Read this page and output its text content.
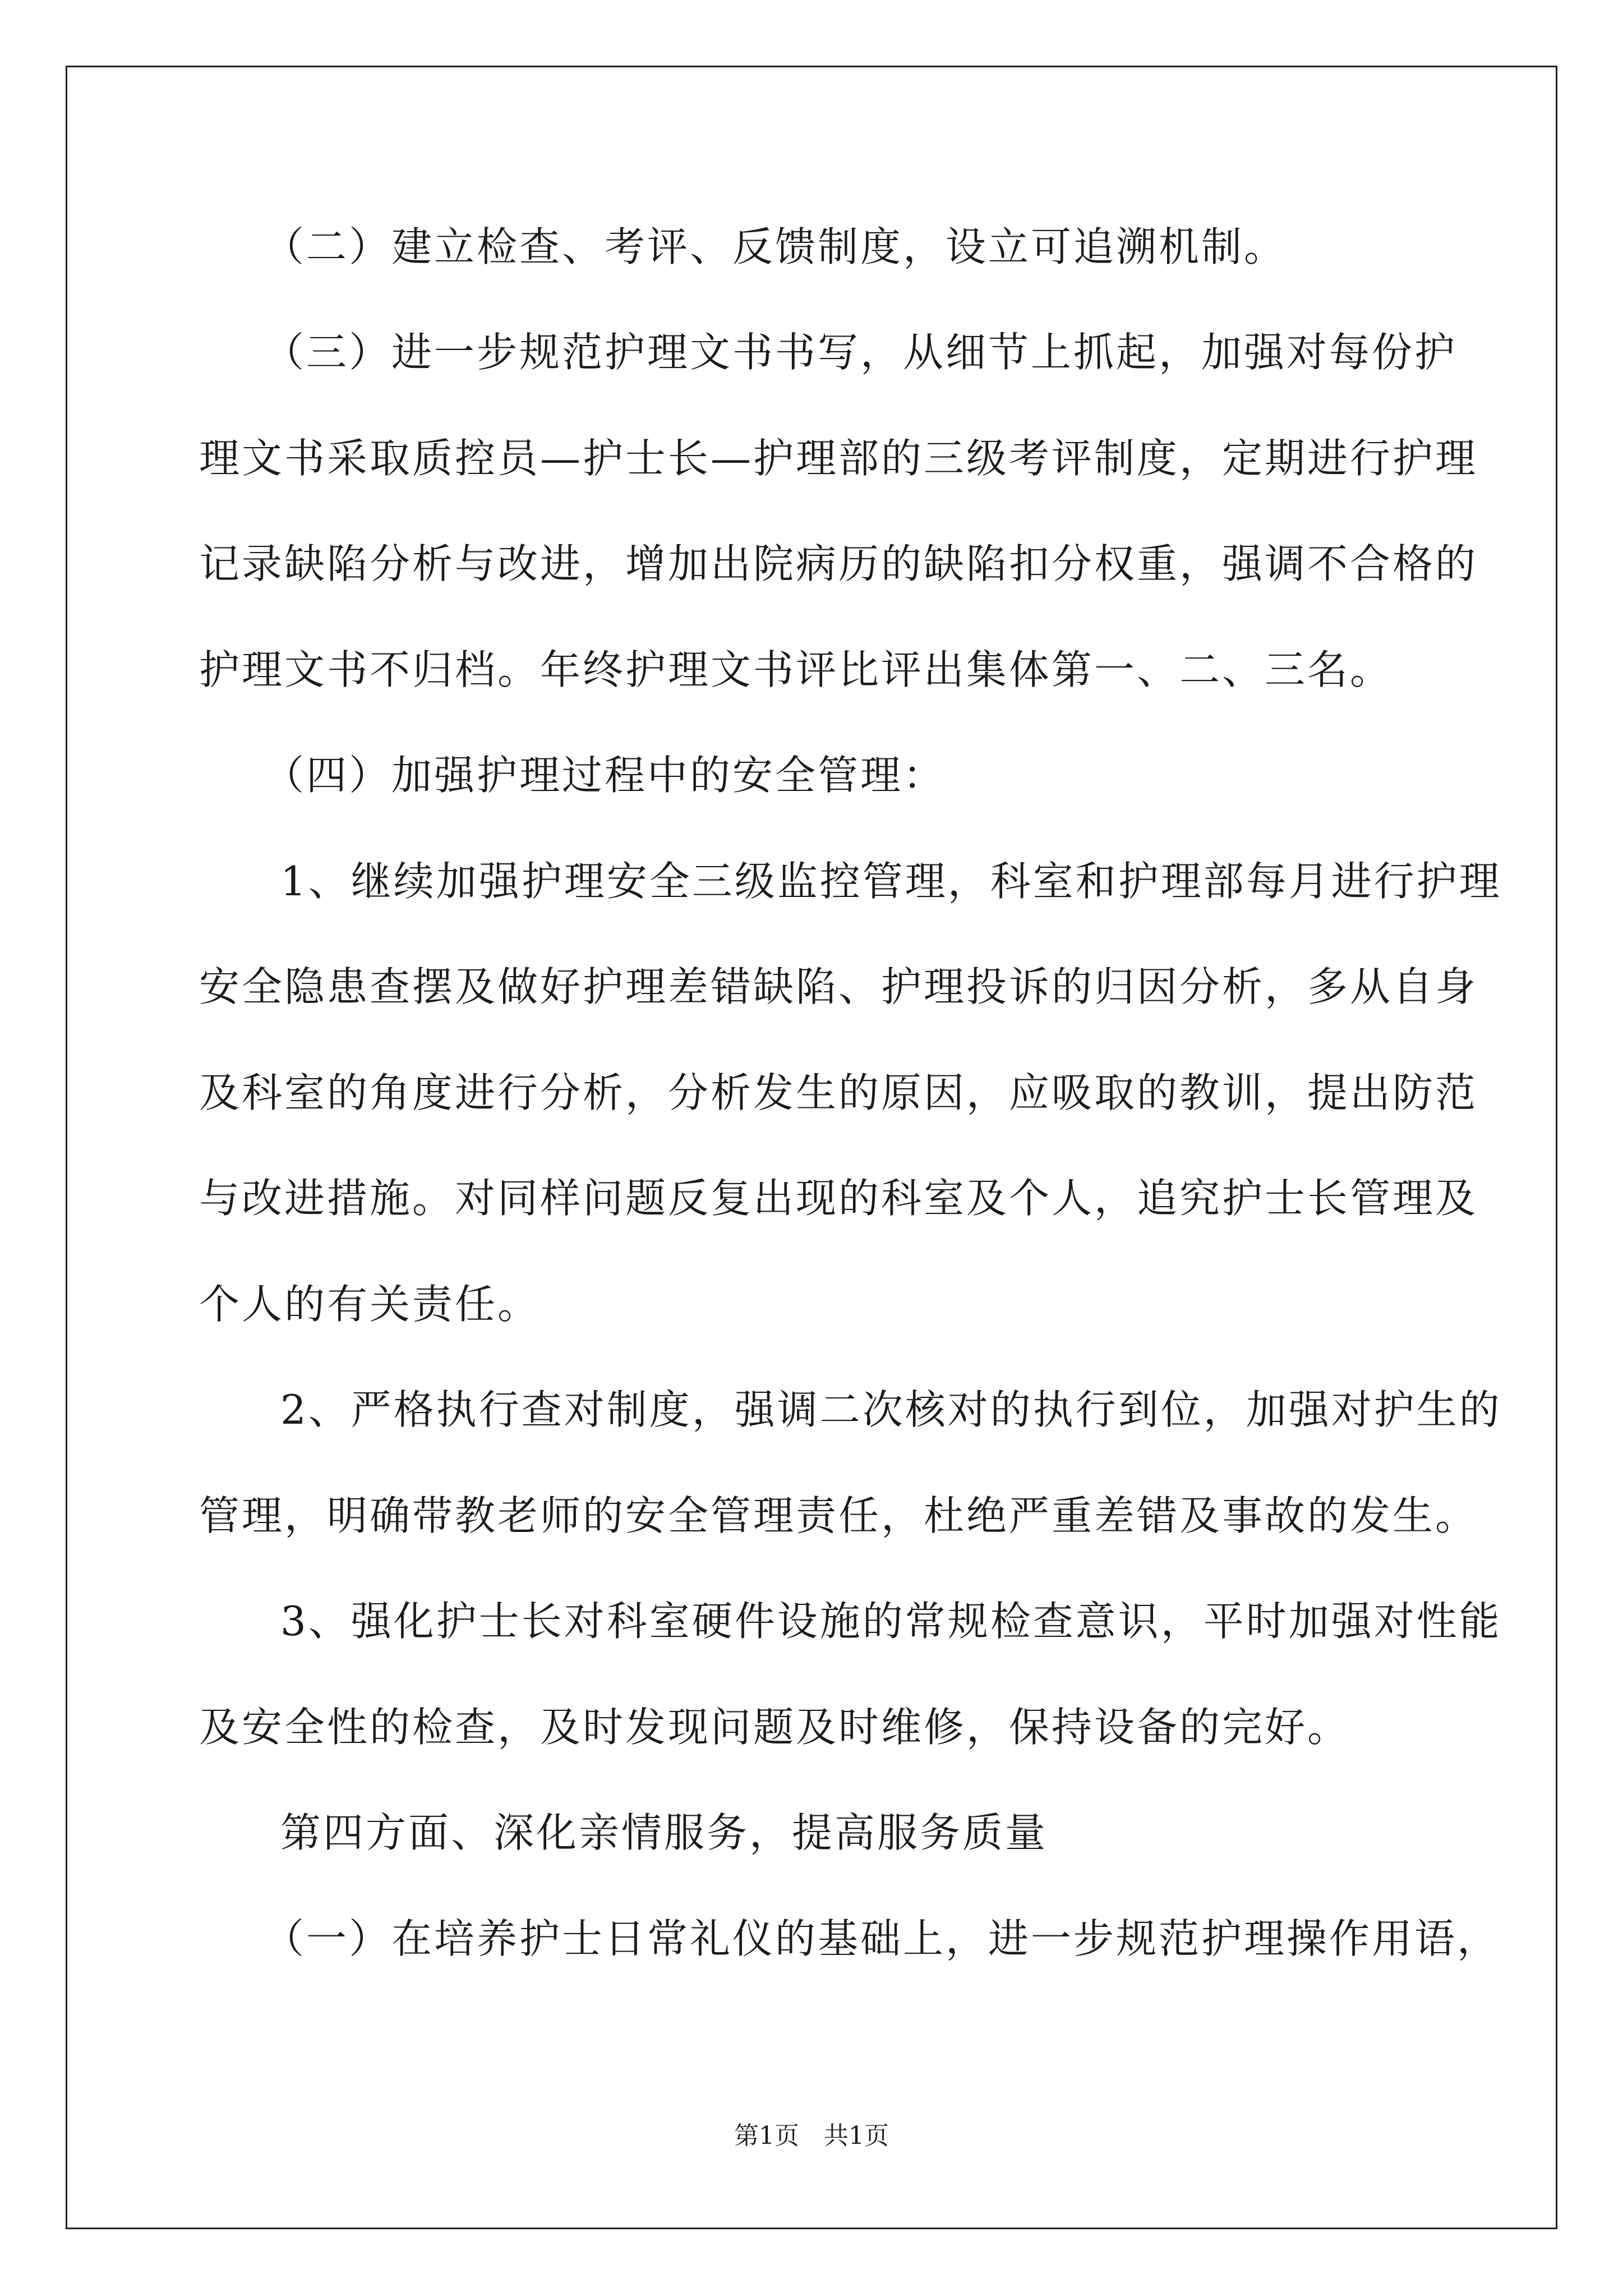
（二）建立检查、考评、反馈制度，设立可追溯机制。
（三）进一步规范护理文书书写，从细节上抓起，加强对每份护
理文书采取质控员—护士长—护理部的三级考评制度，定期进行护理
记录缺陷分析与改进，增加出院病历的缺陷扣分权重，强调不合格的
护理文书不归档。年终护理文书评比评出集体第一、二、三名。
（四）加强护理过程中的安全管理：
1、继续加强护理安全三级监控管理，科室和护理部每月进行护理
安全隐患查摆及做好护理差错缺陷、护理投诉的归因分析，多从自身
及科室的角度进行分析，分析发生的原因，应吸取的教训，提出防范
与改进措施。对同样问题反复出现的科室及个人，追究护士长管理及
个人的有关责任。
2、严格执行查对制度，强调二次核对的执行到位，加强对护生的
管理，明确带教老师的安全管理责任，杜绝严重差错及事故的发生。
3、强化护士长对科室硬件设施的常规检查意识，平时加强对性能
及安全性的检查，及时发现问题及时维修，保持设备的完好。
第四方面、深化亲情服务，提高服务质量
（一）在培养护士日常礼仪的基础上，进一步规范护理操作用语，
第1页　共1页
